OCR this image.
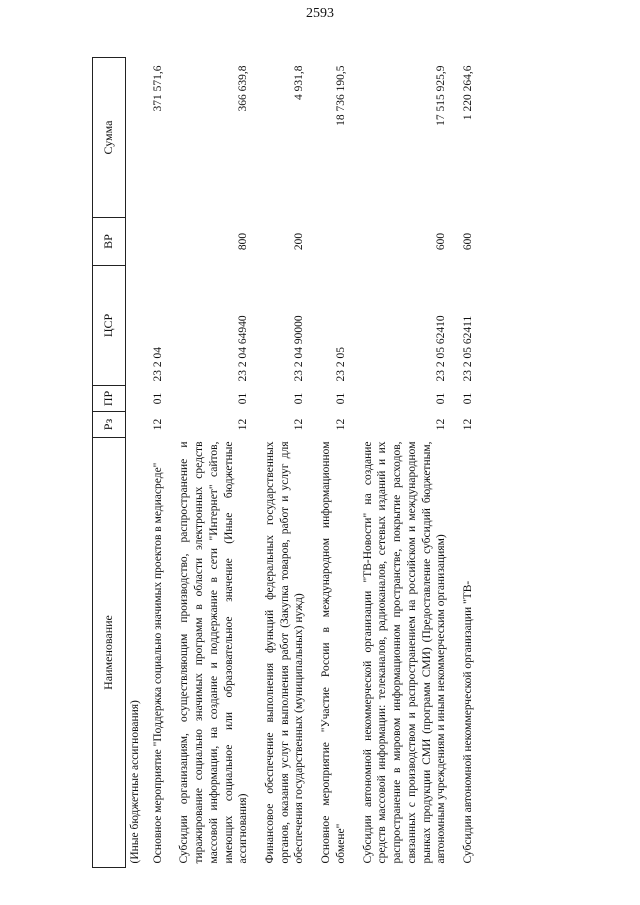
2593
Наименование	Рз	ПР	ЦСР	ВР	Сумма
(Иные бюджетные ассигнования)					
Основное мероприятие "Поддержка социально значимых проектов в медиасреде"	12	01	23 2 04		371 571,6
Субсидии организациям, осуществляющим производство, распространение и тиражирование социально значимых программ в области электронных средств массовой информации, на создание и поддержание в сети "Интернет" сайтов, имеющих социальное или образовательное значение (Иные бюджетные ассигнования)	12	01	23 2 04 64940	800	366 639,8
Финансовое обеспечение выполнения функций федеральных государственных органов, оказания услуг и выполнения работ (Закупка товаров, работ и услуг для обеспечения государственных (муниципальных) нужд)	12	01	23 2 04 90000	200	4 931,8
Основное мероприятие "Участие России в международном информационном обмене"	12	01	23 2 05		18 736 190,5
Субсидии автономной некоммерческой организации "ТВ-Новости" на создание средств массовой информации: телеканалов, радиоканалов, сетевых изданий и их распространение в мировом информационном пространстве, покрытие расходов, связанных с производством и распространением на российском и международном рынках продукции СМИ (программ СМИ) (Предоставление субсидий бюджетным, автономным учреждениям и иным некоммерческим организациям)	12	01	23 2 05 62410	600	17 515 925,9
Субсидии автономной некоммерческой организации "ТВ-	12	01	23 2 05 62411	600	1 220 264,6
